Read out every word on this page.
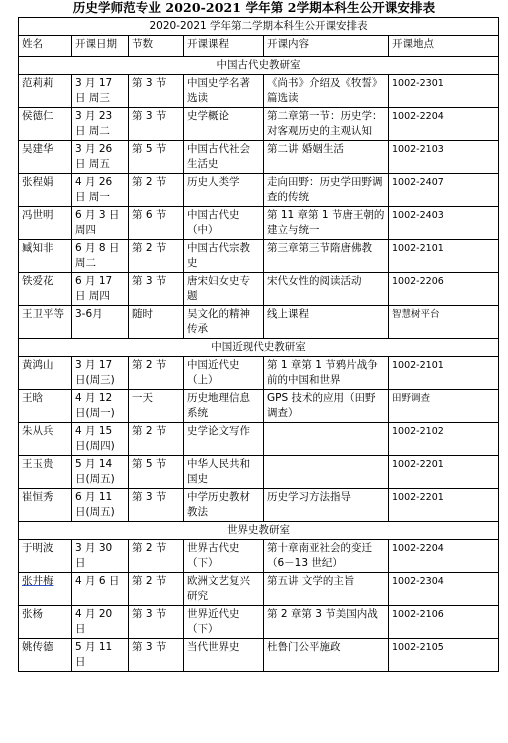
历史学师范专业 2020-2021 学年第 2学期本科生公开课安排表
2020-2021 学年第二学期本科生公开课安排表					
姓名	开课日期	节数	开课课程	开课内容	开课地点
中国古代史教研室					
范莉莉	3 月 17 日 周三	第 3 节	中国史学名著选读	《尚书》介绍及《牧誓》篇选读	1002-2301
侯德仁	3 月 23 日 周二	第 3 节	史学概论	第二章第一节：历史学：对客观历史的主观认知	1002-2204
吴建华	3 月 26 日 周五	第 5 节	中国古代社会生活史	第二讲 婚姻生活	1002-2103
张程娟	4 月 26 日 周一	第 2 节	历史人类学	走向田野：历史学田野调查的传统	1002-2407
冯世明	6 月 3 日 周四	第 6 节	中国古代史（中）	第 11 章第 1 节唐王朝的建立与统一	1002-2403
臧知非	6 月 8 日 周二	第 2 节	中国古代宗教史	第三章第三节隋唐佛教	1002-2101
铁爱花	6 月 17 日 周四	第 3 节	唐宋妇女史专题	宋代女性的阅读活动	1002-2206
王卫平等	3-6月	随时	吴文化的精神传承	线上课程	智慧树平台
中国近现代史教研室					
黄鸿山	3 月 17 日(周三)	第 2 节	中国近代史（上）	第 1 章第 1 节鸦片战争前的中国和世界	1002-2101
王晗	4 月 12 日(周一)	一天	历史地理信息系统	GPS 技术的应用（田野调查）	田野调查
朱从兵	4 月 15 日(周四)	第 2 节	史学论文写作		1002-2102
王玉贵	5 月 14 日(周五)	第 5 节	中华人民共和国史		1002-2201
崔恒秀	6 月 11 日(周五)	第 3 节	中学历史教材教法	历史学习方法指导	1002-2201
世界史教研室					
于明波	3 月 30 日	第 2 节	世界古代史（下）	第十章南亚社会的变迁（6－13 世纪）	1002-2204
张井梅	4 月 6 日	第 2 节	欧洲文艺复兴研究	第五讲 文学的主旨	1002-2304
张杨	4 月 20 日	第 3 节	世界近代史（下）	第 2 章第 3 节美国内战	1002-2106
姚传德	5 月 11 日	第 3 节	当代世界史	杜鲁门公平施政	1002-2105
